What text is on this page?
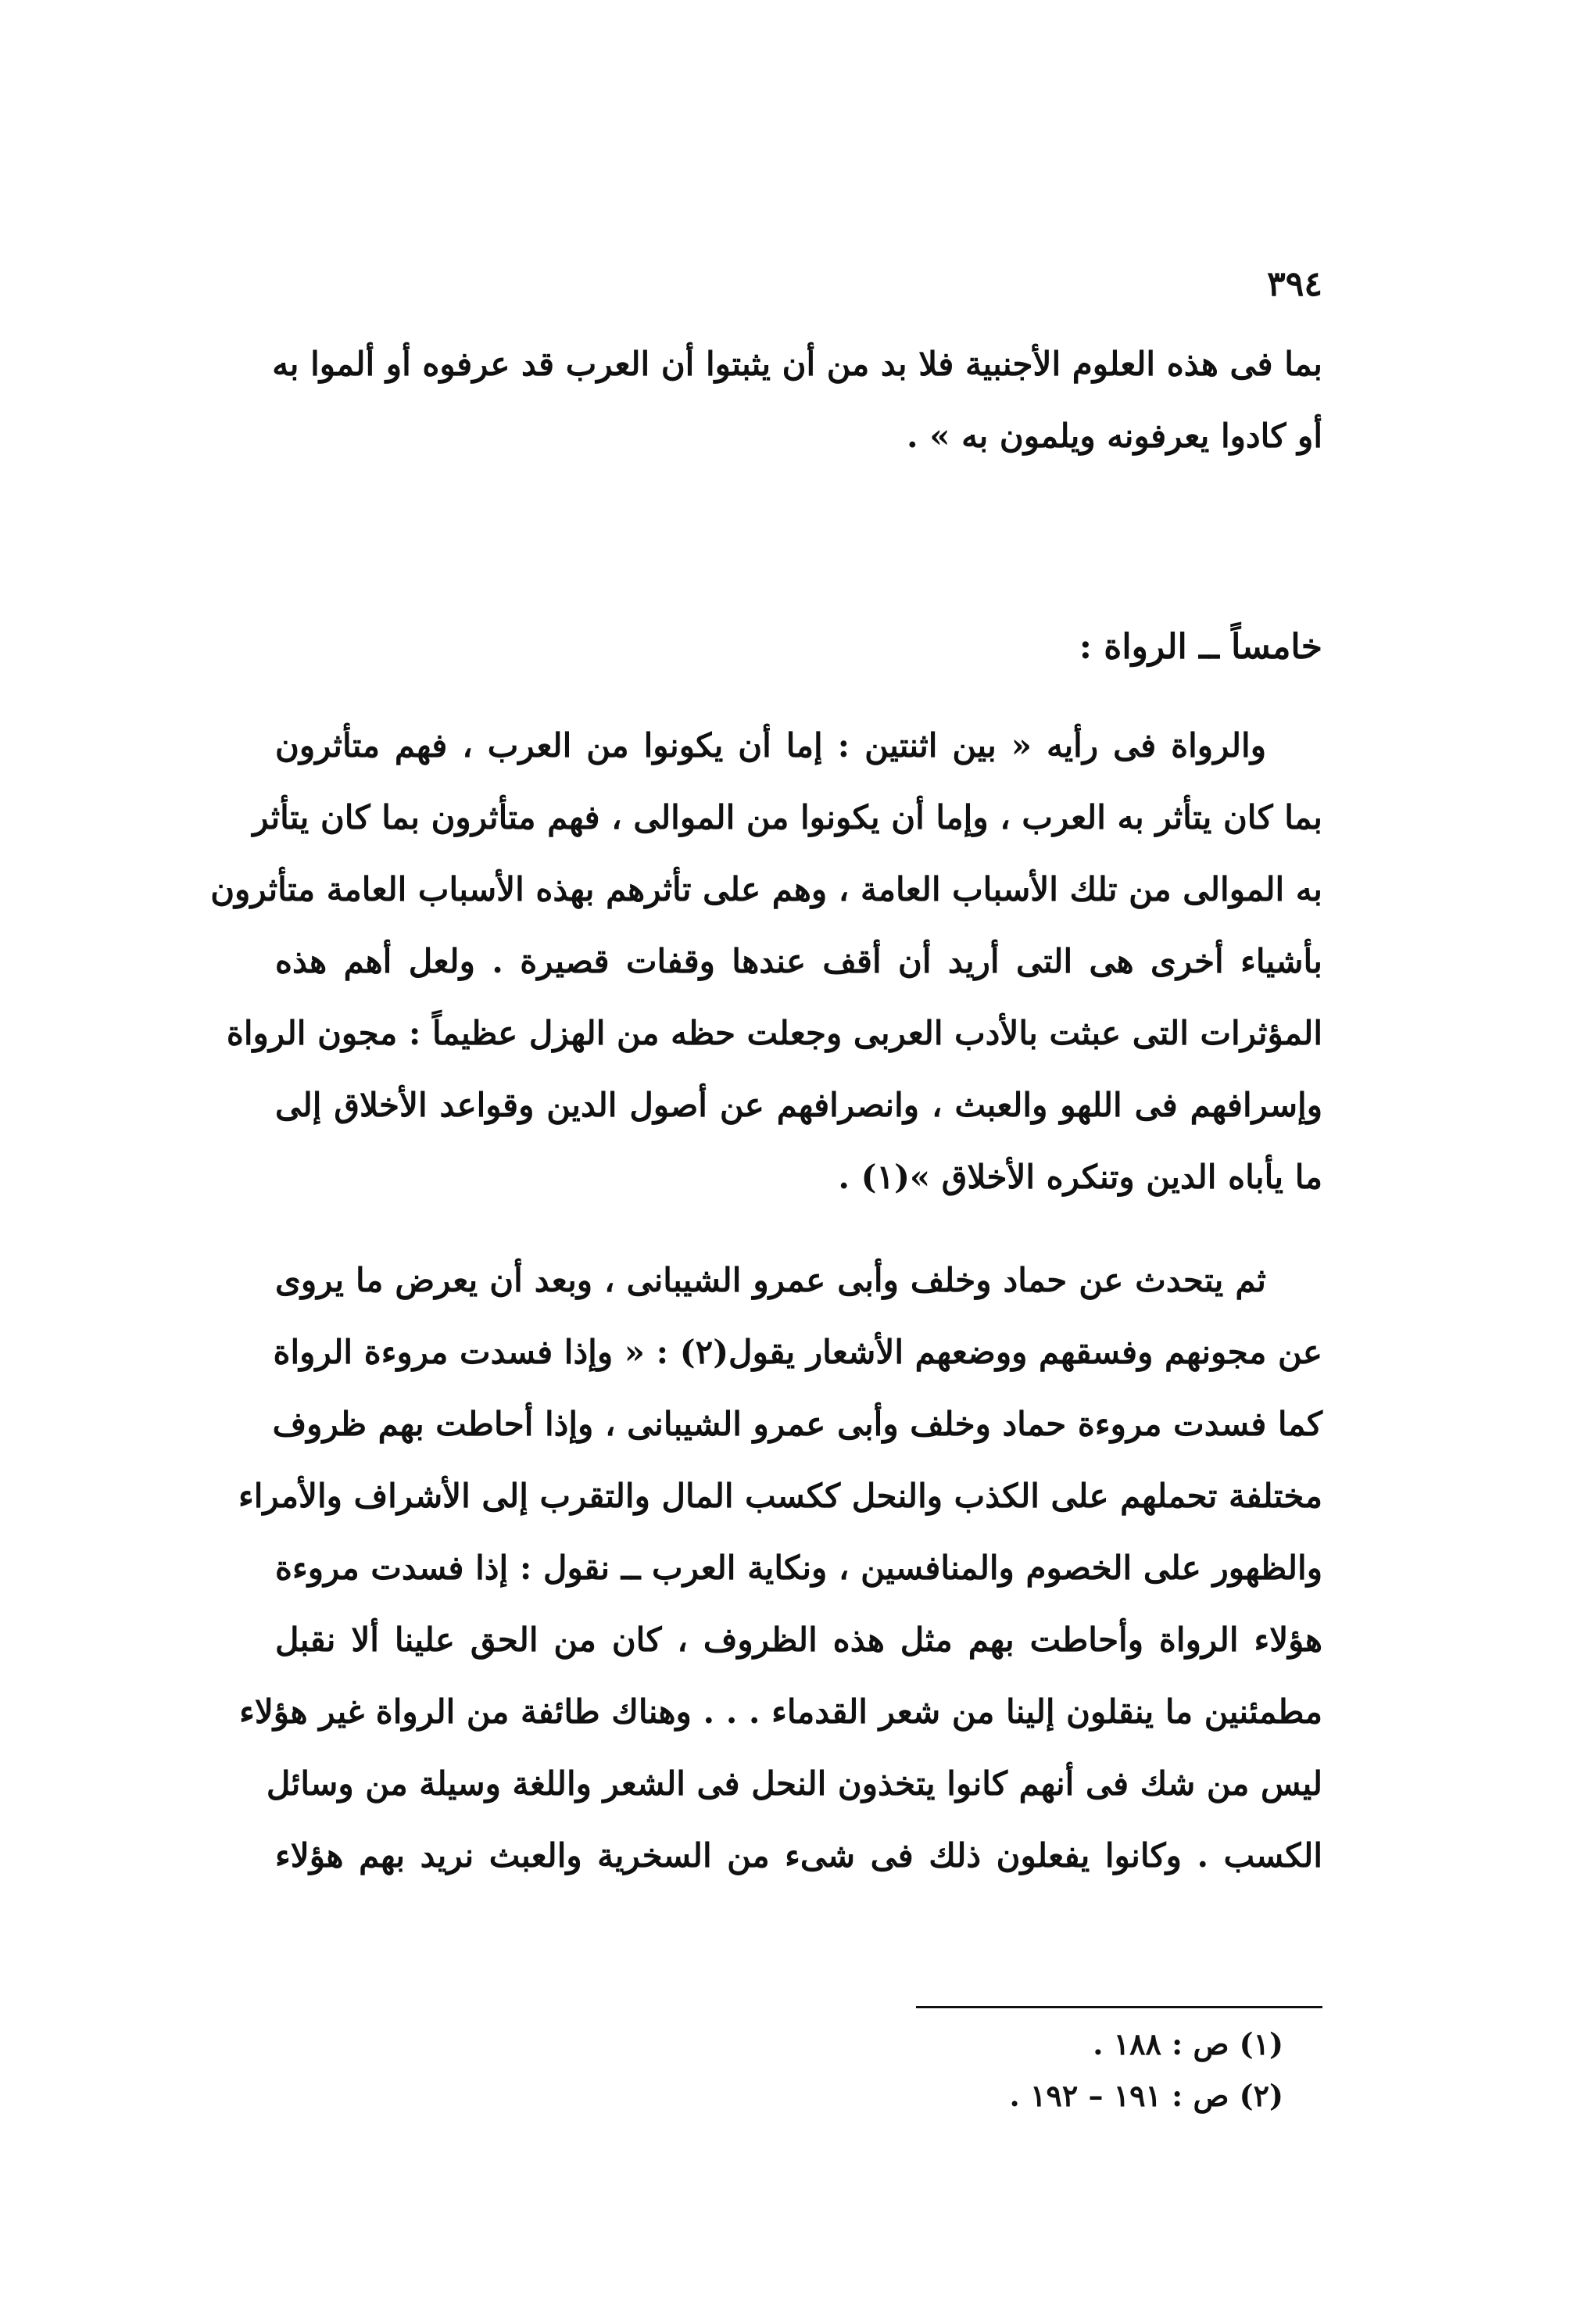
٣٩٤
بما فى هذه العلوم الأجنبية فلا بد من أن يثبتوا أن العرب قد عرفوه أو ألموا به
أو كادوا يعرفونه ويلمون به » .
خامساً ــ الرواة :
والرواة فى رأيه « بين اثنتين : إما أن يكونوا من العرب ، فهم متأثرون
بما كان يتأثر به العرب ، وإما أن يكونوا من الموالى ، فهم متأثرون بما كان يتأثر
به الموالى من تلك الأسباب العامة ، وهم على تأثرهم بهذه الأسباب العامة متأثرون
بأشياء أخرى هى التى أريد أن أقف عندها وقفات قصيرة . ولعل أهم هذه
المؤثرات التى عبثت بالأدب العربى وجعلت حظه من الهزل عظيماً : مجون الرواة
وإسرافهم فى اللهو والعبث ، وانصرافهم عن أصول الدين وقواعد الأخلاق إلى
ما يأباه الدين وتنكره الأخلاق »(١) .
ثم يتحدث عن حماد وخلف وأبى عمرو الشيبانى ، وبعد أن يعرض ما يروى
عن مجونهم وفسقهم ووضعهم الأشعار يقول(٢) : « وإذا فسدت مروءة الرواة
كما فسدت مروءة حماد وخلف وأبى عمرو الشيبانى ، وإذا أحاطت بهم ظروف
مختلفة تحملهم على الكذب والنحل ككسب المال والتقرب إلى الأشراف والأمراء
والظهور على الخصوم والمنافسين ، ونكاية العرب ــ نقول : إذا فسدت مروءة
هؤلاء الرواة وأحاطت بهم مثل هذه الظروف ، كان من الحق علينا ألا نقبل
مطمئنين ما ينقلون إلينا من شعر القدماء . . . وهناك طائفة من الرواة غير هؤلاء
ليس من شك فى أنهم كانوا يتخذون النحل فى الشعر واللغة وسيلة من وسائل
الكسب . وكانوا يفعلون ذلك فى شىء من السخرية والعبث نريد بهم هؤلاء
(١) ص : ١٨٨ .
(٢) ص : ١٩١ – ١٩٢ .
